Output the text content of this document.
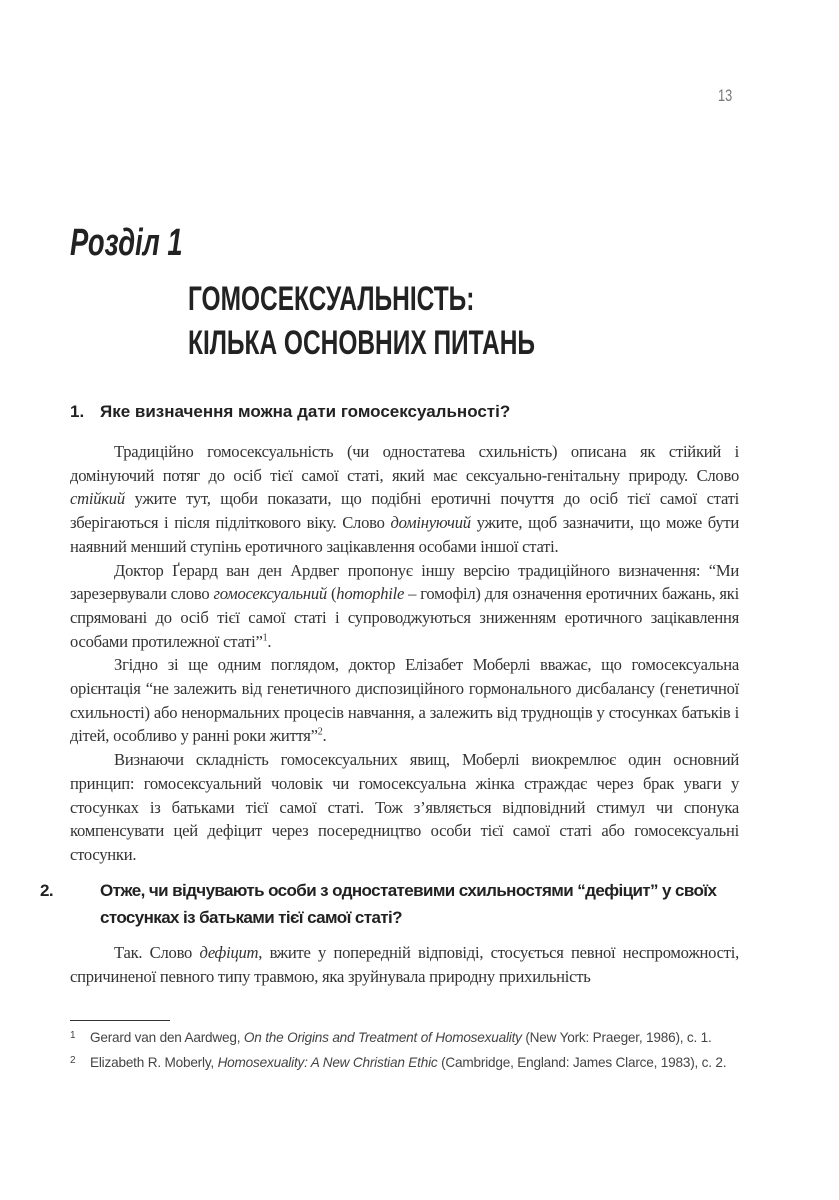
13
Розділ 1
ГОМОСЕКСУАЛЬНІСТЬ:
КІЛЬКА ОСНОВНИХ ПИТАНЬ
1. Яке визначення можна дати гомосексуальності?

Традиційно гомосексуальність (чи одностатева схильність) описана як стійкий і домінуючий потяг до осіб тієї самої статі, який має сексуально-генітальну природу. Слово стійкий ужите тут, щоби показати, що подібні еротичні почуття до осіб тієї самої статі зберігаються і після підліткового віку. Слово домінуючий ужите, щоб зазначити, що може бути наявний менший ступінь еротичного зацікавлення особами іншої статі.

Доктор Ґерард ван ден Ардвег пропонує іншу версію традиційного визначення: “Ми зарезервували слово гомосексуальний (homophile – гомофіл) для означення еротичних бажань, які спрямовані до осіб тієї самої статі і супроводжуються зниженням еротичного зацікавлення особами протилежної статі”$^1$.

Згідно зі ще одним поглядом, доктор Елізабет Моберлі вважає, що гомосексуальна орієнтація “не залежить від генетичного диспозиційного гормонального дисбалансу (генетичної схильності) або ненормальних процесів навчання, а залежить від труднощів у стосунках батьків і дітей, особливо у ранні роки життя”$^2$.

Визнаючи складність гомосексуальних явищ, Моберлі виокремлює один основний принцип: гомосексуальний чоловік чи гомосексуальна жінка страждає через брак уваги у стосунках із батьками тієї самої статі. Тож з’являється відповідний стимул чи спонука компенсувати цей дефіцит через посередництво особи тієї самої статі або гомосексуальні стосунки.

2.	Отже, чи відчувають особи з одностатевими схильностями “дефіцит” у своїх стосунках із батьками тієї самої статі?

Так. Слово дефіцит, вжите у попередній відповіді, стосується певної неспроможності, спричиненої певного типу травмою, яка зруйнувала природну прихильність

1 Gerard van den Aardweg, On the Origins and Treatment of Homosexuality (New York: Praeger, 1986), c. 1.
2 Elizabeth R. Moberly, Homosexuality: A New Christian Ethic (Cambridge, England: James Clarce, 1983), c. 2.
